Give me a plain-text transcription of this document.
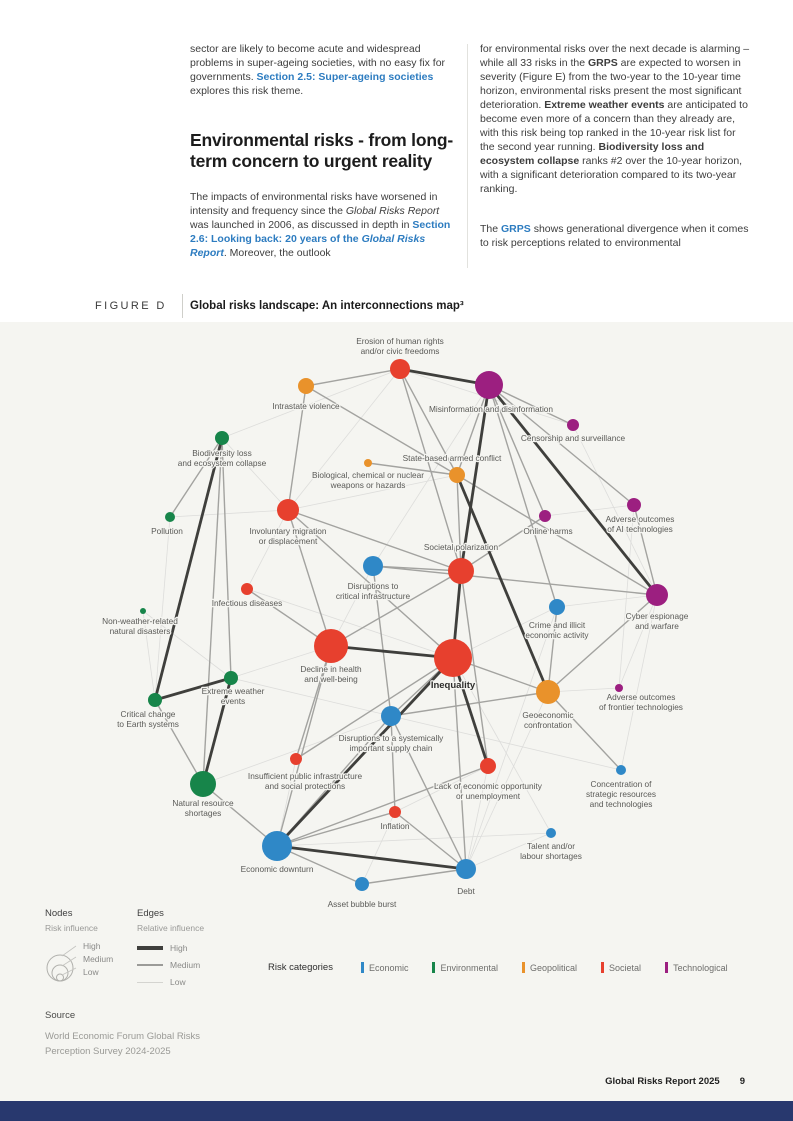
sector are likely to become acute and widespread problems in super-ageing societies, with no easy fix for governments. Section 2.5: Super-ageing societies explores this risk theme.

Environmental risks - from long-term concern to urgent reality

The impacts of environmental risks have worsened in intensity and frequency since the Global Risks Report was launched in 2006, as discussed in depth in Section 2.6: Looking back: 20 years of the Global Risks Report. Moreover, the outlook

for environmental risks over the next decade is alarming – while all 33 risks in the GRPS are expected to worsen in severity (Figure E) from the two-year to the 10-year time horizon, environmental risks present the most significant deterioration. Extreme weather events are anticipated to become even more of a concern than they already are, with this risk being top ranked in the 10-year risk list for the second year running. Biodiversity loss and ecosystem collapse ranks #2 over the 10-year horizon, with a significant deterioration compared to its two-year ranking.

The GRPS shows generational divergence when it comes to risk perceptions related to environmental

FIGURE D Global risks landscape: An interconnections map³
Erosion of human rights and/or civic freedoms
Intrastate violence	Misinformation and disinformation
Censorship and surveillance
State-based armed conflict
Biological, chemical or nuclear weapons or hazards
Biodiversity loss and ecosystem collapse
Involuntary migration or displacement
Societal polarization
Online harms
Adverse outcomes of AI technologies
Pollution
Disruptions to critical infrastructure
Infectious diseases
Cyber espionage and warfare
Crime and illicit economic activity
Non-weather-related natural disasters
Decline in health and well-being
Inequality
Extreme weather events	Adverse outcomes of frontier technologies
Critical change to Earth systems
Geoeconomic confrontation
Disruptions to a systemically important supply chain
Insufficient public infrastructure and social protections	Lack of economic opportunity or unemployment
Natural resource shortages
Concentration of strategic resources and technologies
Inflation
Talent and/or labour shortages
Economic downturn
Asset bubble burst
Debt
Nodes
Risk influence
High
Medium
Low
Edges
Relative influence
High
Medium
Low
Risk categories	Economic	Environmental	Geopolitical	Societal	Technological
Source
World Economic Forum Global Risks
Perception Survey 2024-2025
Global Risks Report 2025 9
